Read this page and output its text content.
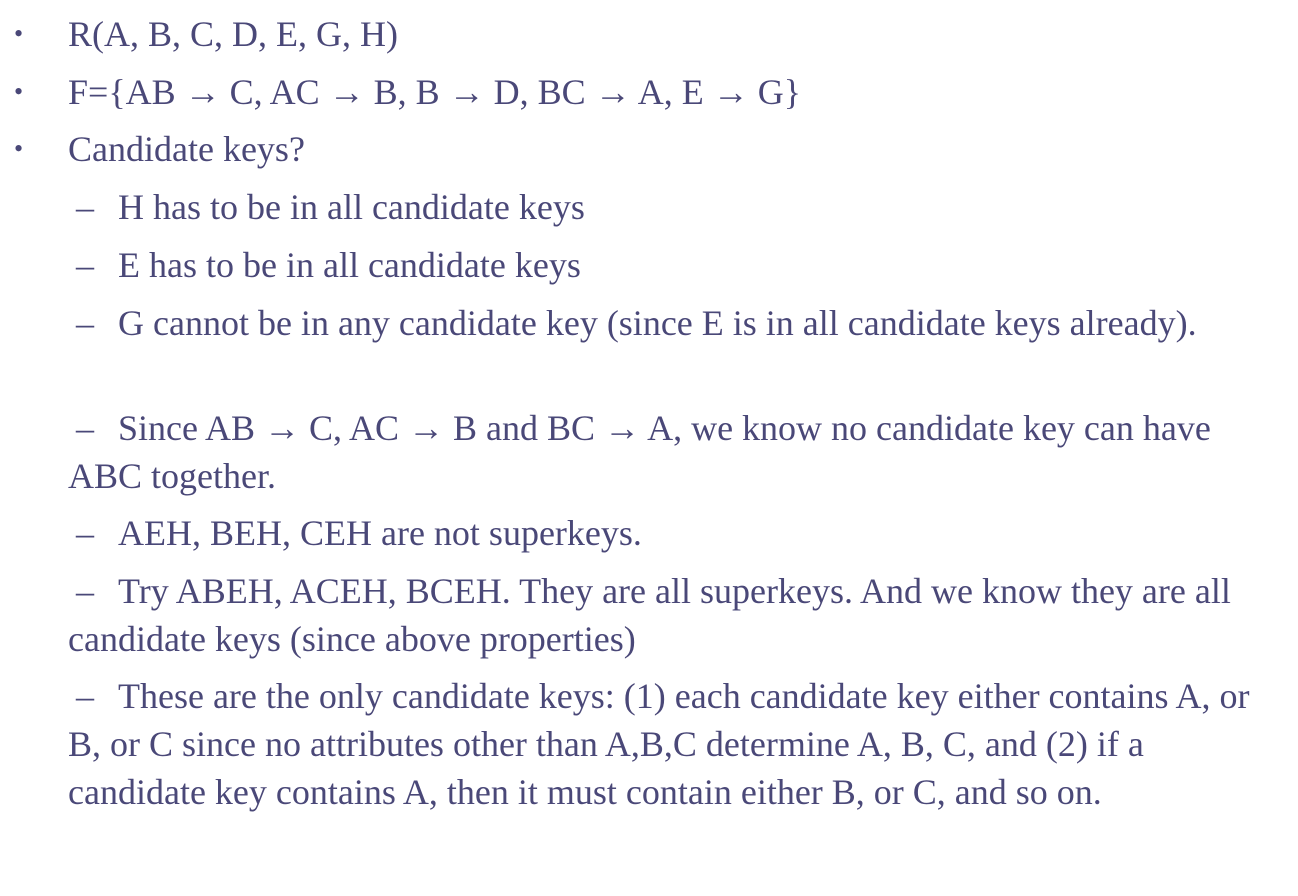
• R(A, B, C, D, E, G, H)
• F={AB → C, AC → B, B → D, BC → A, E → G}
• Candidate keys?
– H has to be in all candidate keys
– E has to be in all candidate keys
– G cannot be in any candidate key (since E is in all candidate keys already).
– Since AB → C, AC → B and BC → A, we know no candidate key can have ABC together.
– AEH, BEH, CEH are not superkeys.
– Try ABEH, ACEH, BCEH. They are all superkeys. And we know they are all candidate keys (since above properties)
– These are the only candidate keys: (1) each candidate key either contains A, or B, or C since no attributes other than A,B,C determine A, B, C, and (2) if a candidate key contains A, then it must contain either B, or C, and so on.
